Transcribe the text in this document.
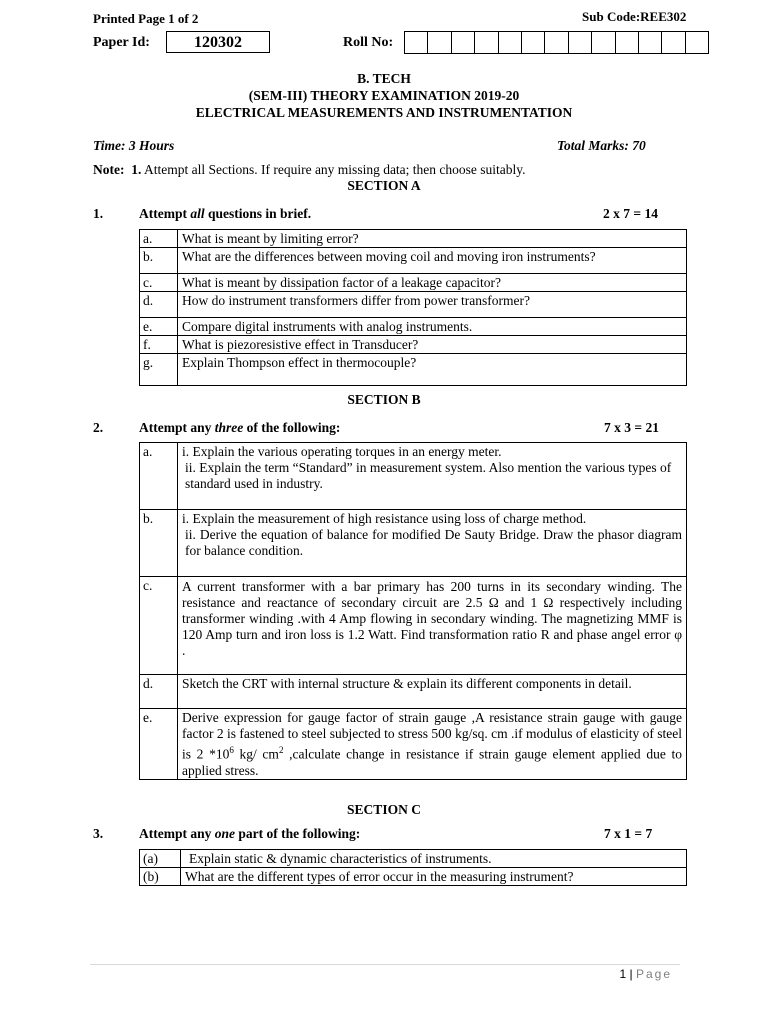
Printed Page 1 of 2	Sub Code:REE302
Paper Id:	120302	Roll No:
B. TECH
(SEM-III) THEORY EXAMINATION 2019-20
ELECTRICAL MEASUREMENTS AND INSTRUMENTATION
Time: 3 Hours	Total Marks: 70
Note: 1. Attempt all Sections. If require any missing data; then choose suitably.
SECTION A
1.	Attempt all questions in brief.	2 x 7 = 14
a.	What is meant by limiting error?
b.	What are the differences between moving coil and moving iron instruments?
c.	What is meant by dissipation factor of a leakage capacitor?
d.	How do instrument transformers differ from power transformer?
e.	Compare digital instruments with analog instruments.
f.	What is piezoresistive effect in Transducer?
g.	Explain Thompson effect in thermocouple?
SECTION B
2.	Attempt any three of the following:	7 x 3 = 21
a.	i. Explain the various operating torques in an energy meter.
ii. Explain the term “Standard” in measurement system. Also mention the various types of standard used in industry.

b.	i. Explain the measurement of high resistance using loss of charge method.
ii. Derive the equation of balance for modified De Sauty Bridge. Draw the phasor diagram for balance condition.

c.	A current transformer with a bar primary has 200 turns in its secondary winding. The resistance and reactance of secondary circuit are 2.5 Ω and 1 Ω respectively including transformer winding .with 4 Amp flowing in secondary winding. The magnetizing MMF is 120 Amp turn and iron loss is 1.2 Watt. Find transformation ratio R and phase angel error φ .
d.	Sketch the CRT with internal structure & explain its different components in detail.
e.	Derive expression for gauge factor of strain gauge ,A resistance strain gauge with gauge factor 2 is fastened to steel subjected to stress 500 kg/sq. cm .if modulus of elasticity of steel is 2 $*10^6$ kg/ $cm^2$ ,calculate change in resistance if strain gauge element applied due to applied stress.
SECTION C
3.	Attempt any one part of the following:	7 x 1 = 7
(a)	Explain static & dynamic characteristics of instruments.
(b)	What are the different types of error occur in the measuring instrument?
1 | Page
